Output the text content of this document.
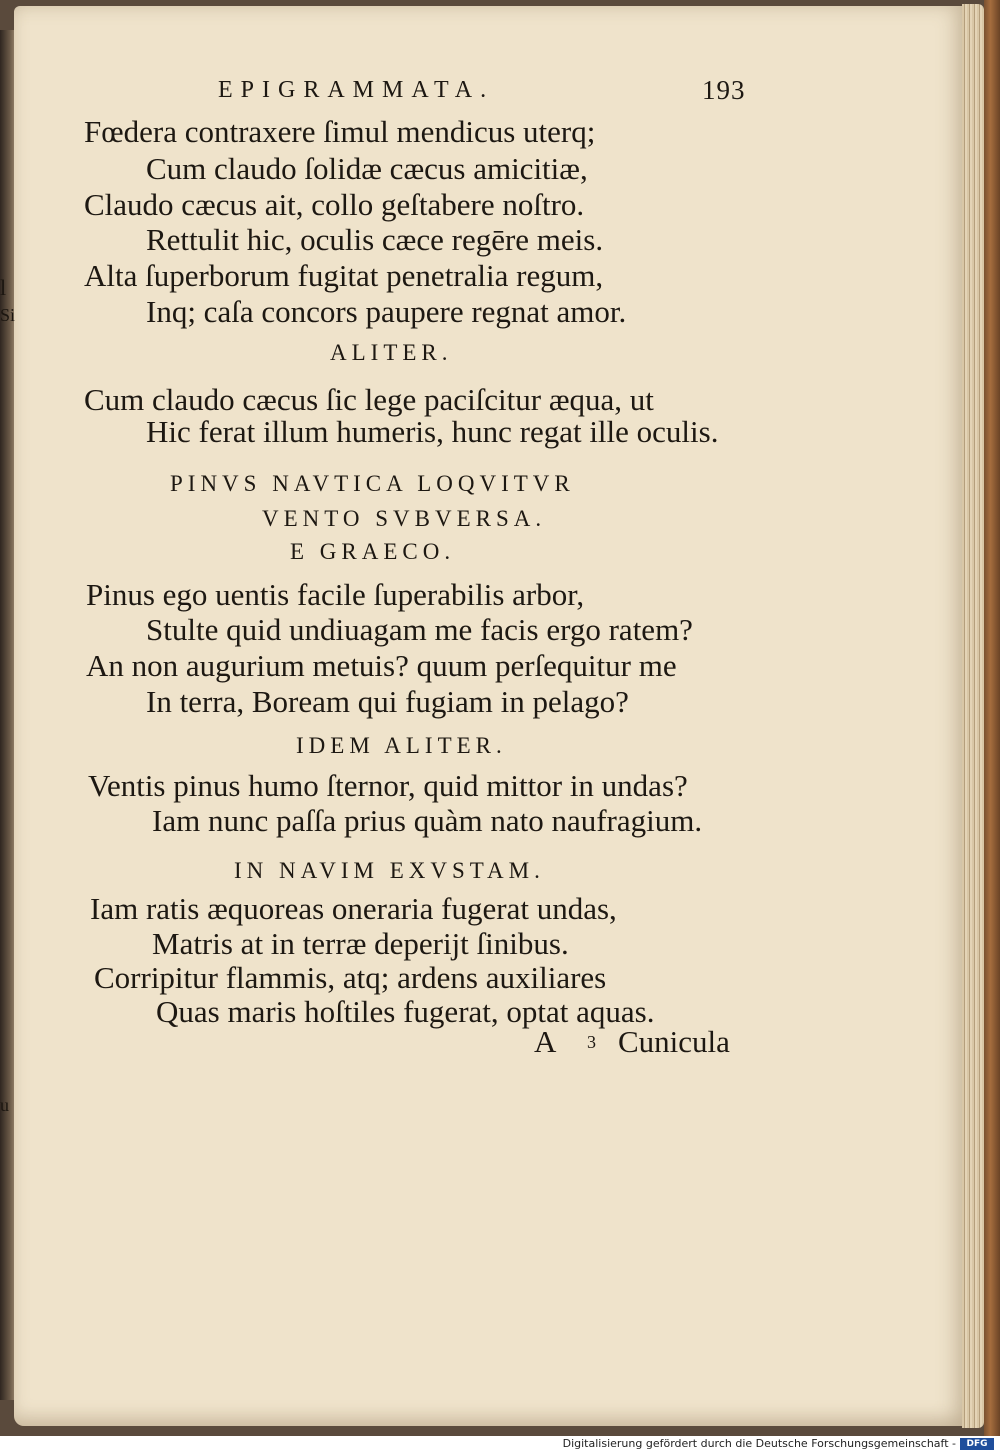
l
Si
u
EPIGRAMMATA.	193
Fœdera contraxere ſimul mendicus uterq;
Cum claudo ſolidæ cæcus amicitiæ,
Claudo cæcus ait, collo geſtabere noſtro.
Rettulit hic, oculis cæce regēre meis.
Alta ſuperborum fugitat penetralia regum,
Inq; caſa concors paupere regnat amor.
ALITER.
Cum claudo cæcus ſic lege paciſcitur æqua, ut
Hic ferat illum humeris, hunc regat ille oculis.
PINVS NAVTICA LOQVITVR
VENTO SVBVERSA.
E GRAECO.
Pinus ego uentis facile ſuperabilis arbor,
Stulte quid undiuagam me facis ergo ratem?
An non augurium metuis? quum perſequitur me
In terra, Boream qui fugiam in pelago?
IDEM ALITER.
Ventis pinus humo ſternor, quid mittor in undas?
Iam nunc paſſa prius quàm nato naufragium.
IN NAVIM EXVSTAM.
Iam ratis æquoreas oneraria fugerat undas,
Matris at in terræ deperijt ſinibus.
Corripitur flammis, atq; ardens auxiliares
Quas maris hoſtiles fugerat, optat aquas.
A 3 Cunicula
Digitalisierung gefördert durch die Deutsche Forschungsgemeinschaft -	DFG
